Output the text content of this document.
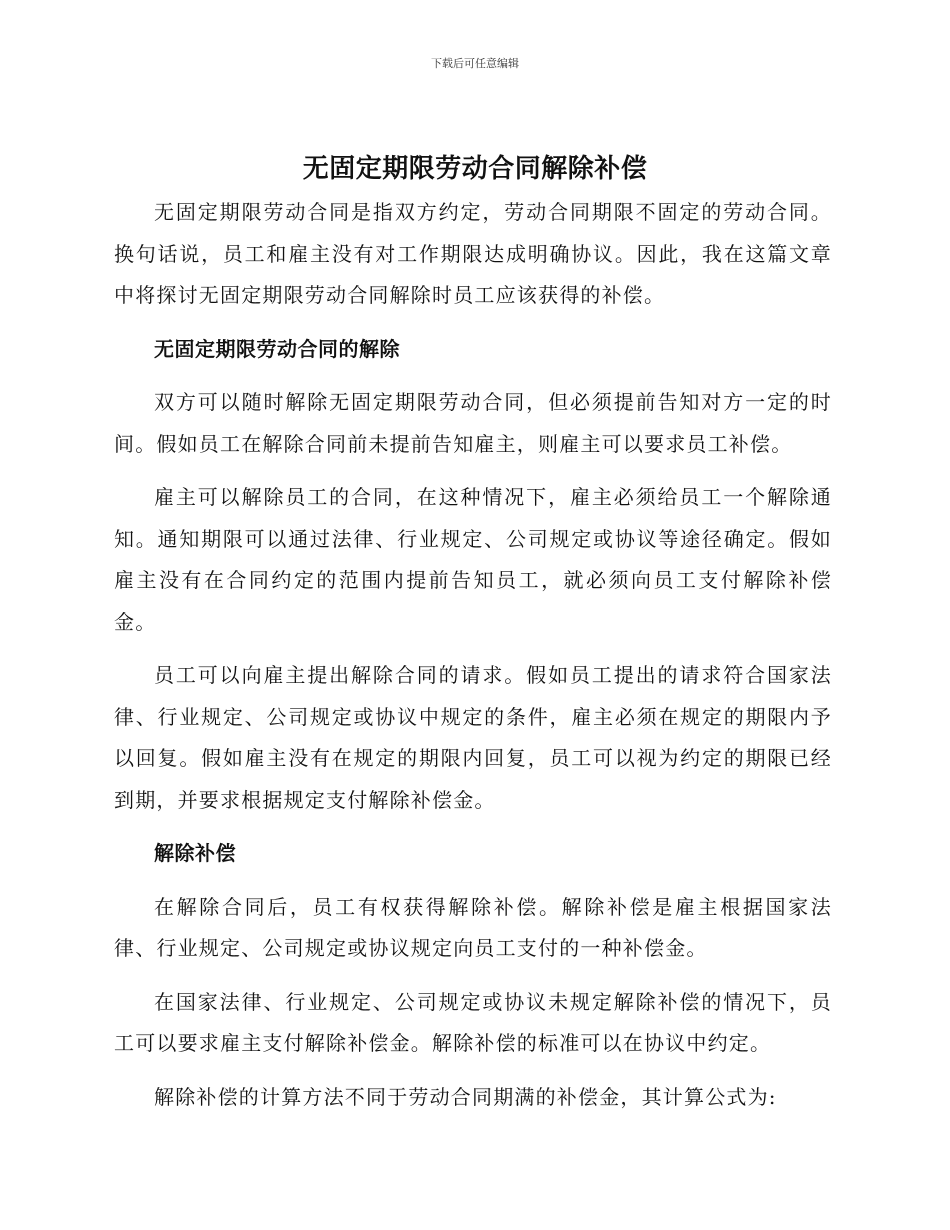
下载后可任意编辑
无固定期限劳动合同解除补偿

无固定期限劳动合同是指双方约定，劳动合同期限不固定的劳动合同。换句话说，员工和雇主没有对工作期限达成明确协议。因此，我在这篇文章中将探讨无固定期限劳动合同解除时员工应该获得的补偿。

无固定期限劳动合同的解除

双方可以随时解除无固定期限劳动合同，但必须提前告知对方一定的时间。假如员工在解除合同前未提前告知雇主，则雇主可以要求员工补偿。

雇主可以解除员工的合同，在这种情况下，雇主必须给员工一个解除通知。通知期限可以通过法律、行业规定、公司规定或协议等途径确定。假如雇主没有在合同约定的范围内提前告知员工，就必须向员工支付解除补偿金。

员工可以向雇主提出解除合同的请求。假如员工提出的请求符合国家法律、行业规定、公司规定或协议中规定的条件，雇主必须在规定的期限内予以回复。假如雇主没有在规定的期限内回复，员工可以视为约定的期限已经到期，并要求根据规定支付解除补偿金。

解除补偿

在解除合同后，员工有权获得解除补偿。解除补偿是雇主根据国家法律、行业规定、公司规定或协议规定向员工支付的一种补偿金。

在国家法律、行业规定、公司规定或协议未规定解除补偿的情况下，员工可以要求雇主支付解除补偿金。解除补偿的标准可以在协议中约定。

解除补偿的计算方法不同于劳动合同期满的补偿金，其计算公式为:
